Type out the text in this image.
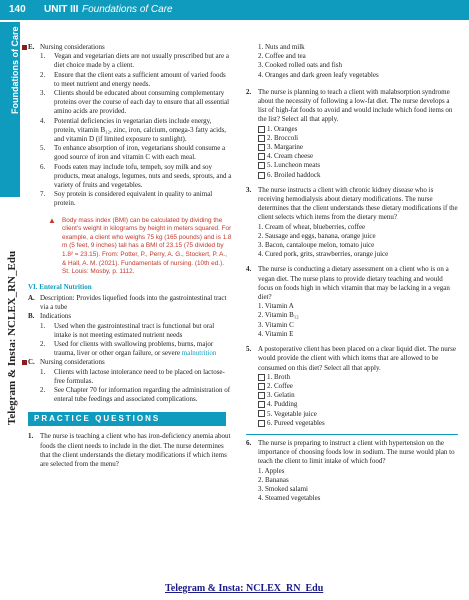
140 UNIT III Foundations of Care
Foundations of Care
Telegram & Insta: NCLEX_RN_Edu
E. Nursing considerations
1. Vegan and vegetarian diets are not usually prescribed but are a diet choice made by a client.
2. Ensure that the client eats a sufficient amount of varied foods to meet nutrient and energy needs.
3. Clients should be educated about consuming complementary proteins over the course of each day to ensure that all essential amino acids are provided.
4. Potential deficiencies in vegetarian diets include energy, protein, vitamin B₁₂, zinc, iron, calcium, omega-3 fatty acids, and vitamin D (if limited exposure to sunlight).
5. To enhance absorption of iron, vegetarians should consume a good source of iron and vitamin C with each meal.
6. Foods eaten may include tofu, tempeh, soy milk and soy products, meat analogs, legumes, nuts and seeds, sprouts, and a variety of fruits and vegetables.
7. Soy protein is considered equivalent in quality to animal protein.
▲ Body mass index (BMI) can be calculated by dividing the client's weight in kilograms by height in meters squared. For example, a client who weighs 75 kg (165 pounds) and is 1.8 m (5 feet, 9 inches) tall has a BMI of 23.15 (75 divided by 1.8² = 23.15). From: Potter, P., Perry, A. G., Stockert, P. A., & Hall, A. M. (2021). Fundamentals of nursing. (10th ed.). St. Louis: Mosby, p. 1112.
VI. Enteral Nutrition
A. Description: Provides liquefied foods into the gastrointestinal tract via a tube
B. Indications
1. Used when the gastrointestinal tract is functional but oral intake is not meeting estimated nutrient needs
2. Used for clients with swallowing problems, burns, major trauma, liver or other organ failure, or severe malnutrition
C. Nursing considerations
1. Clients with lactose intolerance need to be placed on lactose-free formulas.
2. See Chapter 70 for information regarding the administration of enteral tube feedings and associated complications.
PRACTICE QUESTIONS
1. The nurse is teaching a client who has iron-deficiency anemia about foods the client needs to include in the diet. The nurse determines that the client understands the dietary modifications if which items are selected from the menu?
1. Nuts and milk
2. Coffee and tea
3. Cooked rolled oats and fish
4. Oranges and dark green leafy vegetables
2. The nurse is planning to teach a client with malabsorption syndrome about the necessity of following a low-fat diet. The nurse develops a list of high-fat foods to avoid and would include which food items on the list? Select all that apply.
1. Oranges
2. Broccoli
3. Margarine
4. Cream cheese
5. Luncheon meats
6. Broiled haddock
3. The nurse instructs a client with chronic kidney disease who is receiving hemodialysis about dietary modifications. The nurse determines that the client understands these dietary modifications if the client selects which items from the dietary menu?
1. Cream of wheat, blueberries, coffee
2. Sausage and eggs, banana, orange juice
3. Bacon, cantaloupe melon, tomato juice
4. Cured pork, grits, strawberries, orange juice
4. The nurse is conducting a dietary assessment on a client who is on a vegan diet. The nurse plans to provide dietary teaching and would focus on foods high in which vitamin that may be lacking in a vegan diet?
1. Vitamin A
2. Vitamin B₁₂
3. Vitamin C
4. Vitamin E
5. A postoperative client has been placed on a clear liquid diet. The nurse would provide the client with which items that are allowed to be consumed on this diet? Select all that apply.
1. Broth
2. Coffee
3. Gelatin
4. Pudding
5. Vegetable juice
6. Pureed vegetables
6. The nurse is preparing to instruct a client with hypertension on the importance of choosing foods low in sodium. The nurse would plan to teach the client to limit intake of which food?
1. Apples
2. Bananas
3. Smoked salami
4. Steamed vegetables
Telegram & Insta: NCLEX_RN_Edu
